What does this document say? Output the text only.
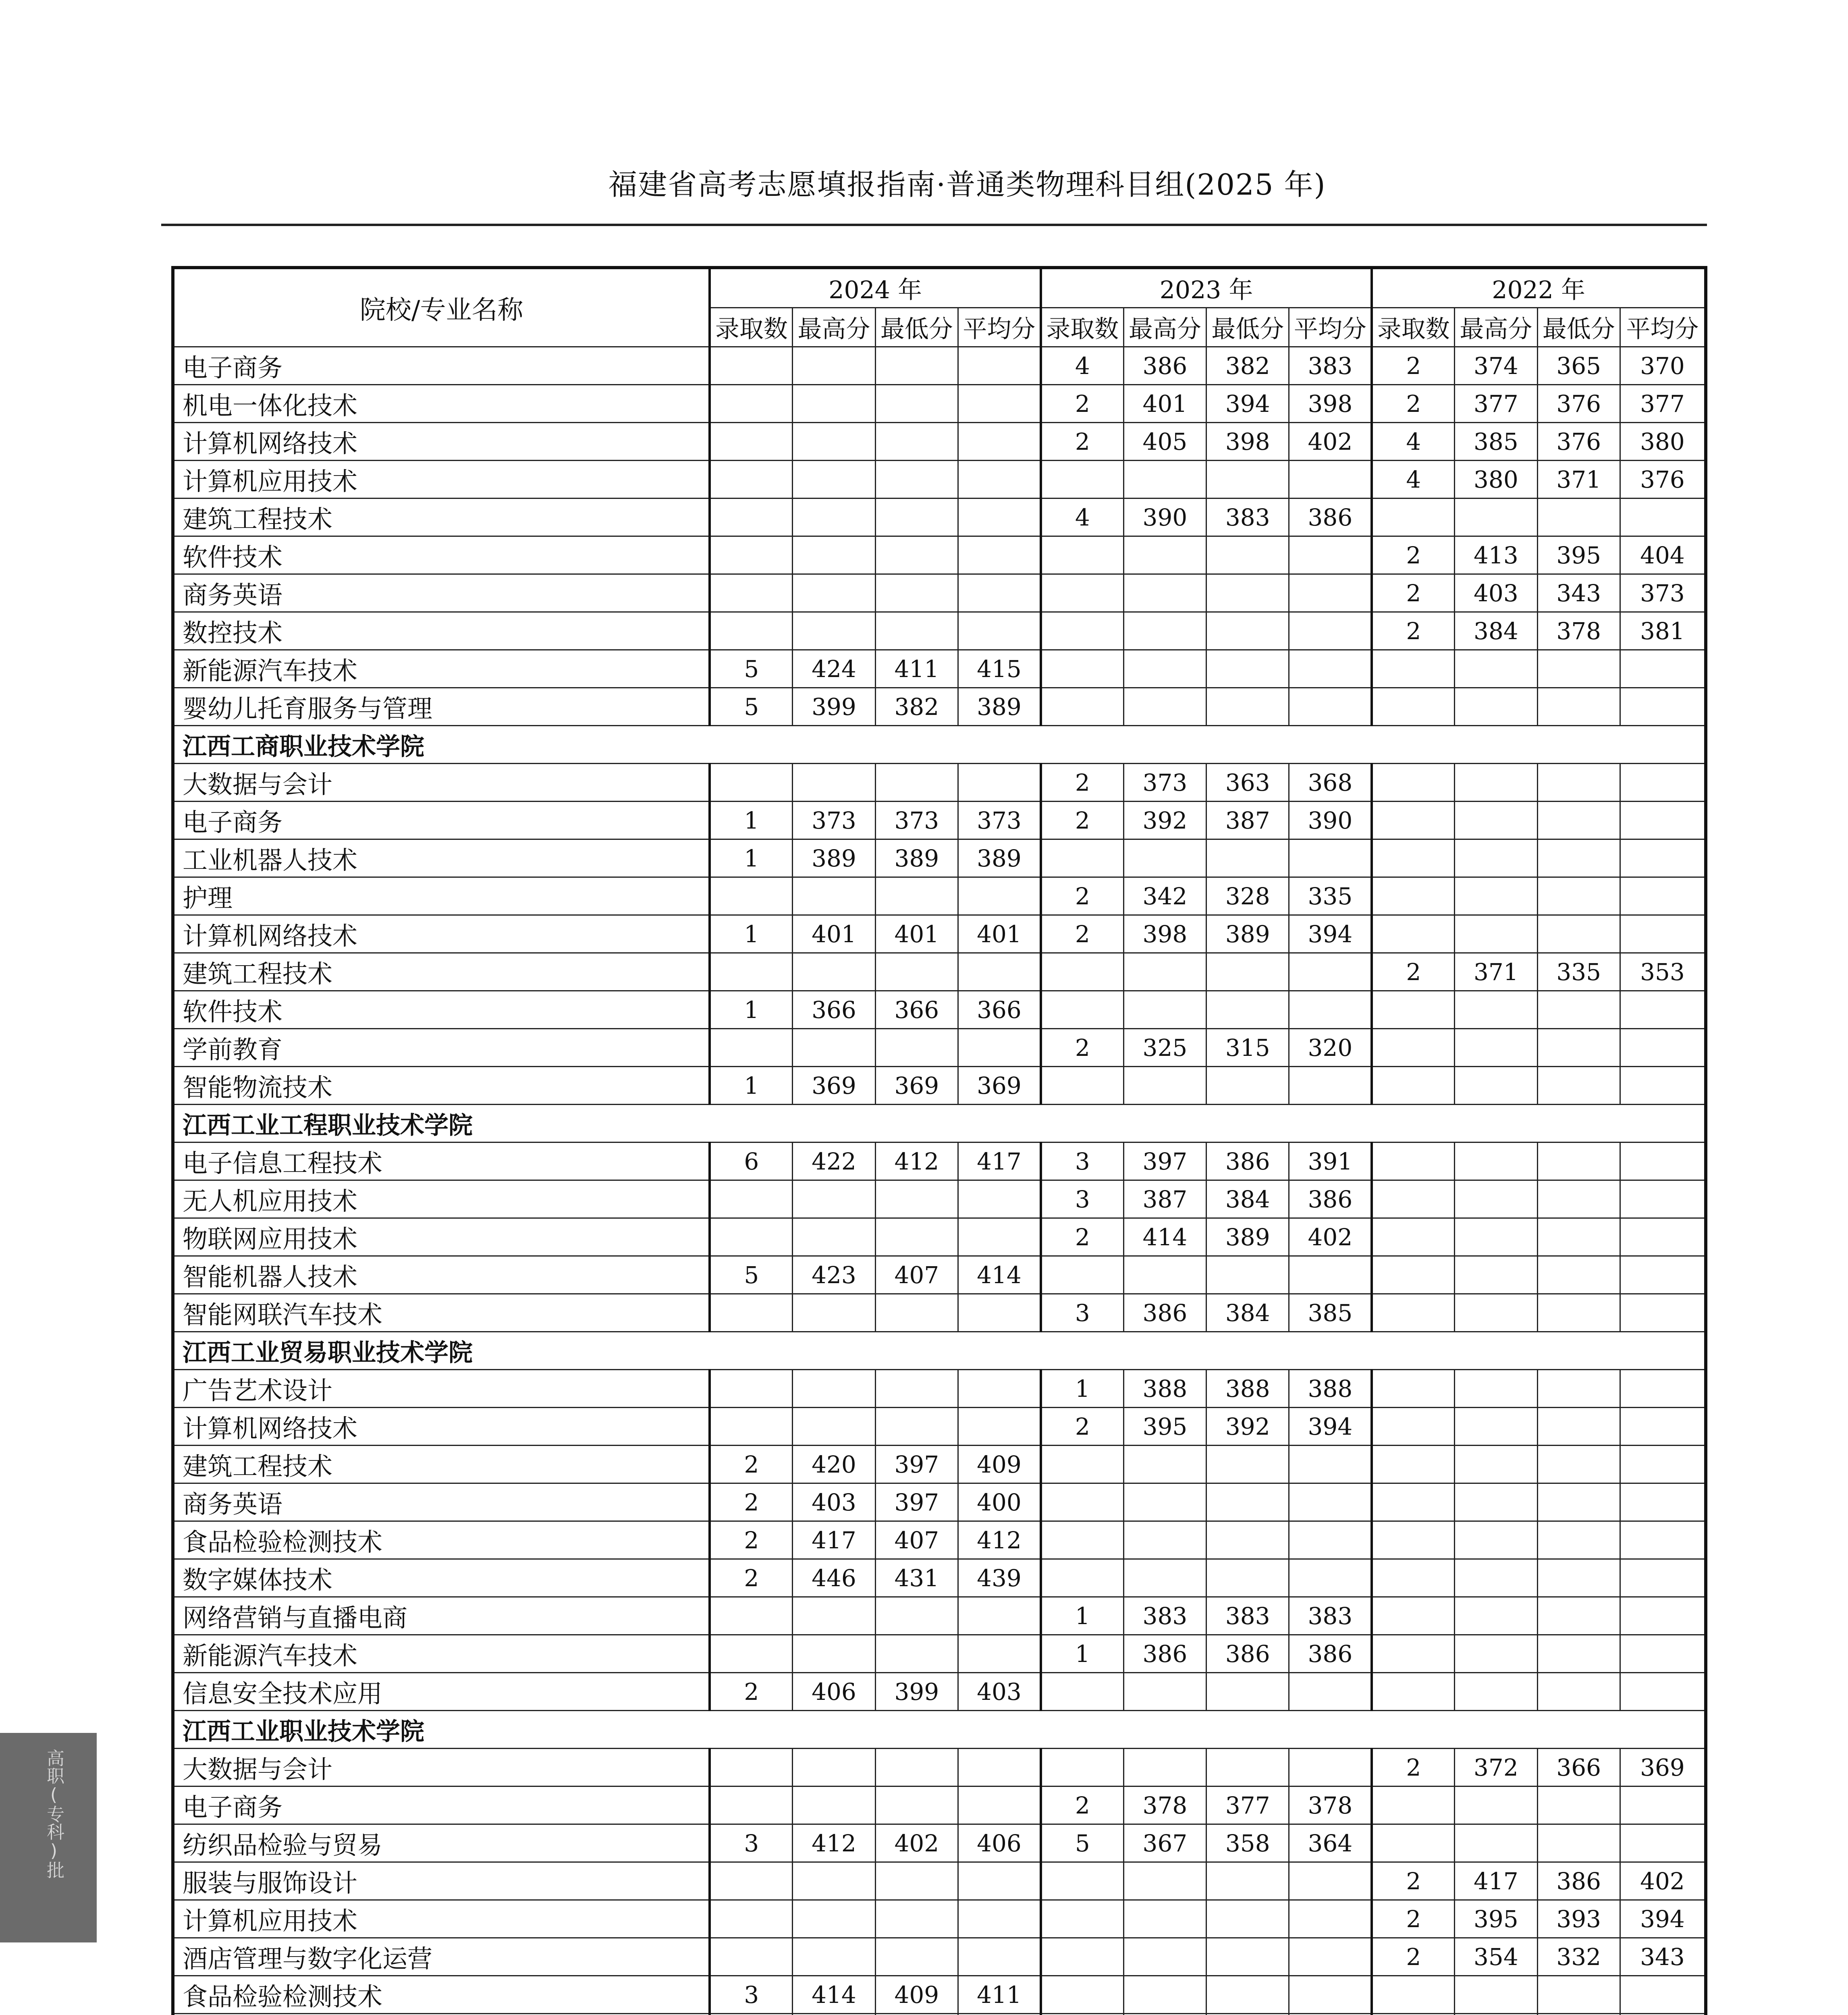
福建省高考志愿填报指南·普通类物理科目组(2025 年)
院校/专业名称	2024 年				2023 年				2022 年			
	录取数	最高分	最低分	平均分	录取数	最高分	最低分	平均分	录取数	最高分	最低分	平均分
电子商务					4	386	382	383	2	374	365	370
机电一体化技术					2	401	394	398	2	377	376	377
计算机网络技术					2	405	398	402	4	385	376	380
计算机应用技术									4	380	371	376
建筑工程技术					4	390	383	386				
软件技术									2	413	395	404
商务英语									2	403	343	373
数控技术									2	384	378	381
新能源汽车技术	5	424	411	415								
婴幼儿托育服务与管理	5	399	382	389								
江西工商职业技术学院												
大数据与会计					2	373	363	368				
电子商务	1	373	373	373	2	392	387	390				
工业机器人技术	1	389	389	389								
护理					2	342	328	335				
计算机网络技术	1	401	401	401	2	398	389	394				
建筑工程技术									2	371	335	353
软件技术	1	366	366	366								
学前教育					2	325	315	320				
智能物流技术	1	369	369	369								
江西工业工程职业技术学院												
电子信息工程技术	6	422	412	417	3	397	386	391				
无人机应用技术					3	387	384	386				
物联网应用技术					2	414	389	402				
智能机器人技术	5	423	407	414								
智能网联汽车技术					3	386	384	385				
江西工业贸易职业技术学院												
广告艺术设计					1	388	388	388				
计算机网络技术					2	395	392	394				
建筑工程技术	2	420	397	409								
商务英语	2	403	397	400								
食品检验检测技术	2	417	407	412								
数字媒体技术	2	446	431	439								
网络营销与直播电商					1	383	383	383				
新能源汽车技术					1	386	386	386				
信息安全技术应用	2	406	399	403								
江西工业职业技术学院												
大数据与会计									2	372	366	369
电子商务					2	378	377	378				
纺织品检验与贸易	3	412	402	406	5	367	358	364				
服装与服饰设计									2	417	386	402
计算机应用技术									2	395	393	394
酒店管理与数字化运营									2	354	332	343
食品检验检测技术	3	414	409	411								

高职(专科)批
